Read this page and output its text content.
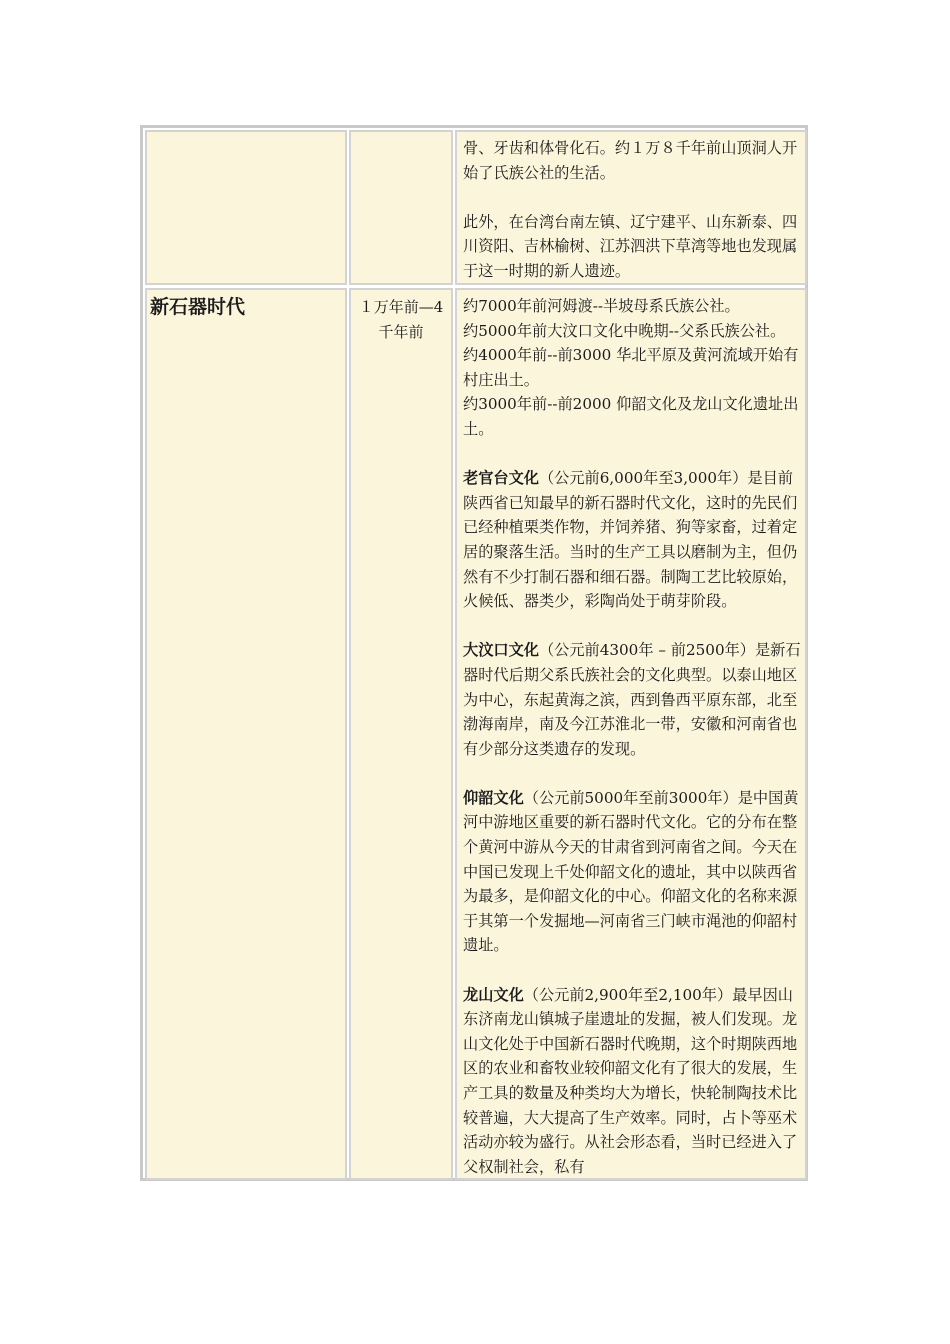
骨、牙齿和体骨化石。约１万８千年前山顶洞人开始了氏族公社的生活。

此外，在台湾台南左镇、辽宁建平、山东新泰、四川资阳、吉林榆树、江苏泗洪下草湾等地也发现属于这一时期的新人遗迹。

新石器时代	１万年前—4千年前
约7000年前河姆渡--半坡母系氏族公社。
约5000年前大汶口文化中晚期--父系氏族公社。
约4000年前--前3000 华北平原及黄河流域开始有村庄出土。
约3000年前--前2000 仰韶文化及龙山文化遗址出土。

老官台文化（公元前6,000年至3,000年）是目前陕西省已知最早的新石器时代文化，这时的先民们已经种植栗类作物，并饲养猪、狗等家畜，过着定居的聚落生活。当时的生产工具以磨制为主，但仍然有不少打制石器和细石器。制陶工艺比较原始，火候低、器类少，彩陶尚处于萌芽阶段。

大汶口文化（公元前4300年 – 前2500年）是新石器时代后期父系氏族社会的文化典型。以泰山地区为中心，东起黄海之滨，西到鲁西平原东部，北至渤海南岸，南及今江苏淮北一带，安徽和河南省也有少部分这类遗存的发现。

仰韶文化（公元前5000年至前3000年）是中国黄河中游地区重要的新石器时代文化。它的分布在整个黄河中游从今天的甘肃省到河南省之间。今天在中国已发现上千处仰韶文化的遗址，其中以陕西省为最多，是仰韶文化的中心。仰韶文化的名称来源于其第一个发掘地—河南省三门峡市渑池的仰韶村遗址。

龙山文化（公元前2,900年至2,100年）最早因山东济南龙山镇城子崖遗址的发掘，被人们发现。龙山文化处于中国新石器时代晚期，这个时期陕西地区的农业和畜牧业较仰韶文化有了很大的发展，生产工具的数量及种类均大为增长，快轮制陶技术比较普遍，大大提高了生产效率。同时，占卜等巫术活动亦较为盛行。从社会形态看，当时已经进入了父权制社会，私有
